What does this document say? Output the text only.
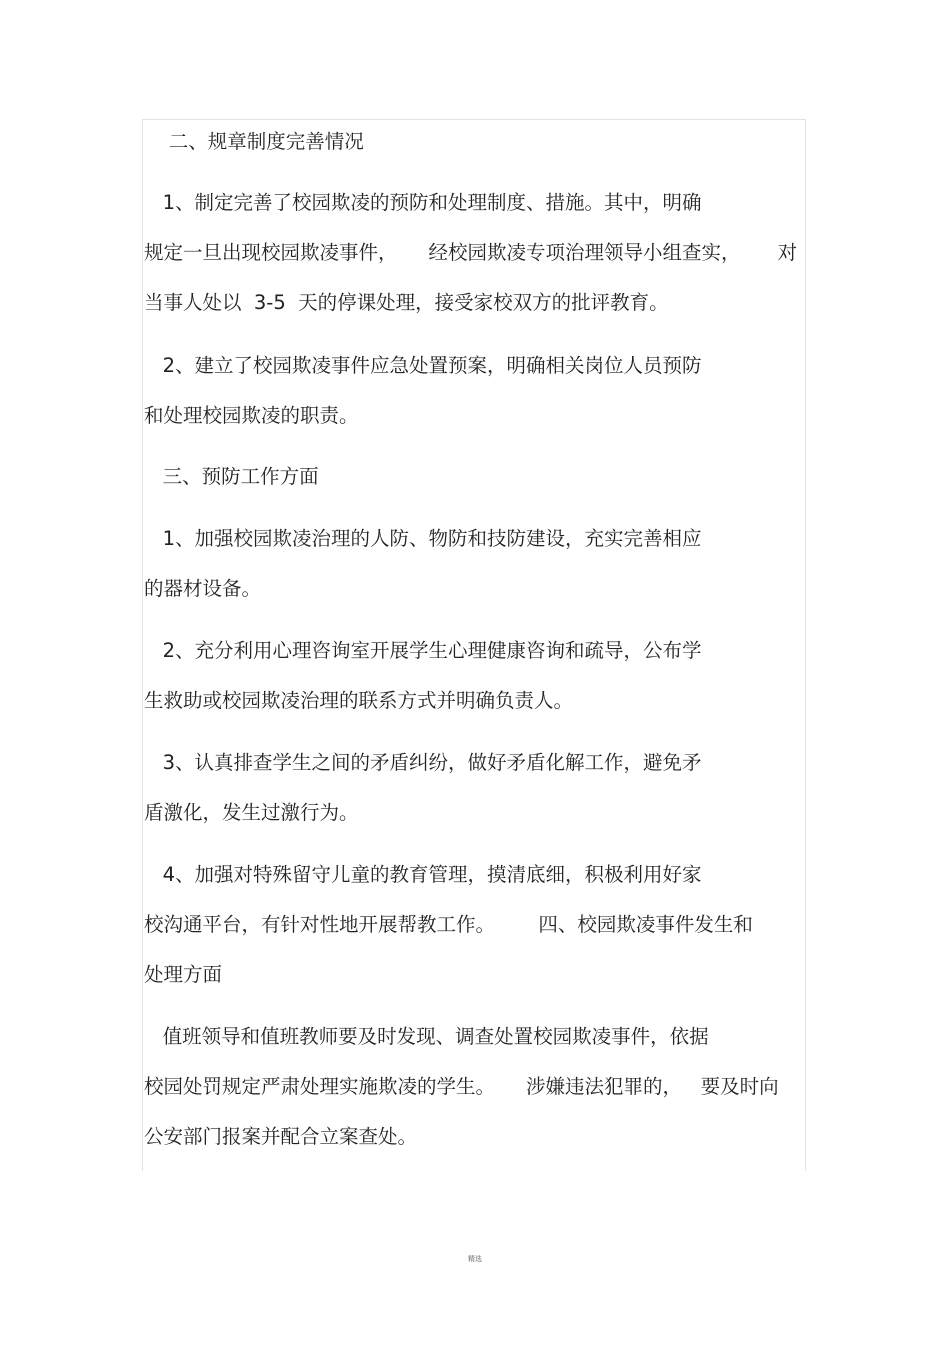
二、规章制度完善情况
1、制定完善了校园欺凌的预防和处理制度、措施。其中，明确
规定一旦出现校园欺凌事件，     经校园欺凌专项治理领导小组查实，      对
当事人处以  3-5  天的停课处理，接受家校双方的批评教育。
2、建立了校园欺凌事件应急处置预案，明确相关岗位人员预防
和处理校园欺凌的职责。
三、预防工作方面
1、加强校园欺凌治理的人防、物防和技防建设，充实完善相应
的器材设备。
2、充分利用心理咨询室开展学生心理健康咨询和疏导，公布学
生救助或校园欺凌治理的联系方式并明确负责人。
3、认真排查学生之间的矛盾纠纷，做好矛盾化解工作，避免矛
盾激化，发生过激行为。
4、加强对特殊留守儿童的教育管理，摸清底细，积极利用好家
校沟通平台，有针对性地开展帮教工作。       四、校园欺凌事件发生和
处理方面
值班领导和值班教师要及时发现、调查处置校园欺凌事件，依据
校园处罚规定严肃处理实施欺凌的学生。     涉嫌违法犯罪的，   要及时向
公安部门报案并配合立案查处。
精选
